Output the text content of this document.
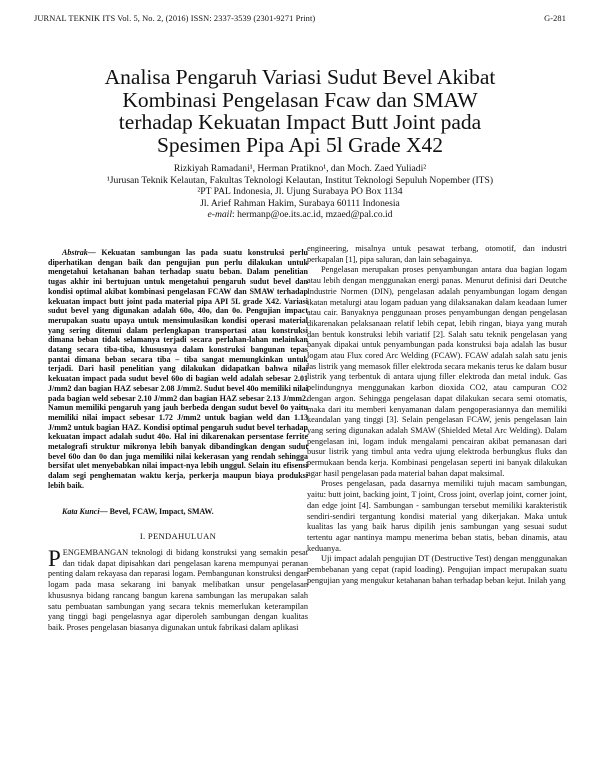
JURNAL TEKNIK ITS Vol. 5, No. 2, (2016) ISSN: 2337-3539 (2301-9271 Print)	G-281
Analisa Pengaruh Variasi Sudut Bevel Akibat
Kombinasi Pengelasan Fcaw dan SMAW
terhadap Kekuatan Impact Butt Joint pada
Spesimen Pipa Api 5l Grade X42
Rizkiyah Ramadani¹, Herman Pratikno¹, dan Moch. Zaed Yuliadi²
¹Jurusan Teknik Kelautan, Fakultas Teknologi Kelautan, Institut Teknologi Sepuluh Nopember (ITS)
²PT PAL Indonesia, Jl. Ujung Surabaya PO Box 1134
Jl. Arief Rahman Hakim, Surabaya 60111 Indonesia
e-mail: hermanp@oe.its.ac.id, mzaed@pal.co.id

Abstrak— Kekuatan sambungan las pada suatu konstruksi perlu diperhatikan dengan baik dan pengujian pun perlu dilakukan untuk mengetahui ketahanan bahan terhadap suatu beban. Dalam penelitian tugas akhir ini bertujuan untuk mengetahui pengaruh sudut bevel dan kondisi optimal akibat kombinasi pengelasan FCAW dan SMAW terhadap kekuatan impact butt joint pada material pipa API 5L grade X42. Variasi sudut bevel yang digunakan adalah 60o, 40o, dan 0o. Pengujian impact merupakan suatu upaya untuk mensimulasikan kondisi operasi material yang sering ditemui dalam perlengkapan transportasi atau konstruksi dimana beban tidak selamanya terjadi secara perlahan-lahan melainkan datang secara tiba-tiba, khususnya dalam konstruksi bangunan tepas pantai dimana beban secara tiba – tiba sangat memungkinkan untuk terjadi. Dari hasil penelitian yang dilakukan didapatkan bahwa nilai kekuatan impact pada sudut bevel 60o di bagian weld adalah sebesar 2.01 J/mm2 dan bagian HAZ sebesar 2.08 J/mm2. Sudut bevel 40o memiliki nilai pada bagian weld sebesar 2.10 J/mm2 dan bagian HAZ sebesar 2.13 J/mm2. Namun memiliki pengaruh yang jauh berbeda dengan sudut bevel 0o yaitu memiliki nilai impact sebesar 1.72 J/mm2 untuk bagian weld dan 1.13 J/mm2 untuk bagian HAZ. Kondisi optimal pengaruh sudut bevel terhadap kekuatan impact adalah sudut 40o. Hal ini dikarenakan persentase ferrite metalografi struktur mikronya lebih banyak dibandingkan dengan sudut bevel 60o dan 0o dan juga memiliki nilai kekerasan yang rendah sehingga bersifat ulet menyebabkan nilai impact-nya lebih unggul. Selain itu efisensi dalam segi penghematan waktu kerja, perkerja maupun biaya produksi lebih baik.

Kata Kunci— Bevel, FCAW, Impact, SMAW.

I. PENDAHULUAN

PENGEMBANGAN teknologi di bidang konstruksi yang semakin pesat dan tidak dapat dipisahkan dari pengelasan karena mempunyai peranan penting dalam rekayasa dan reparasi logam. Pembangunan konstruksi dengan logam pada masa sekarang ini banyak melibatkan unsur pengelasan khususnya bidang rancang bangun karena sambungan las merupakan salah satu pembuatan sambungan yang secara teknis memerlukan keterampilan yang tinggi bagi pengelasnya agar diperoleh sambungan dengan kualitas baik. Proses pengelasan biasanya digunakan untuk fabrikasi dalam aplikasi

engineering, misalnya untuk pesawat terbang, otomotif, dan industri perkapalan [1], pipa saluran, dan lain sebagainya.

Pengelasan merupakan proses penyambungan antara dua bagian logam atau lebih dengan menggunakan energi panas. Menurut definisi dari Deutche Industrie Normen (DIN), pengelasan adalah penyambungan logam dengan ikatan metalurgi atau logam paduan yang dilaksanakan dalam keadaan lumer atau cair. Banyaknya penggunaan proses penyambungan dengan pengelasan dikarenakan pelaksanaan relatif lebih cepat, lebih ringan, biaya yang murah dan bentuk konstruksi lebih variatif [2]. Salah satu teknik pengelasan yang banyak dipakai untuk penyambungan pada konstruksi baja adalah las busur logam atau Flux cored Arc Welding (FCAW). FCAW adalah salah satu jenis las listrik yang memasok filler elektroda secara mekanis terus ke dalam busur listrik yang terbentuk di antara ujung filler elektroda dan metal induk. Gas pelindungnya menggunakan karbon dioxida CO2, atau campuran CO2 dengan argon. Sehingga pengelasan dapat dilakukan secara semi otomatis, maka dari itu memberi kenyamanan dalam pengoperasiannya dan memiliki keandalan yang tinggi [3]. Selain pengelasan FCAW, jenis pengelasan lain yang sering digunakan adalah SMAW (Shielded Metal Arc Welding). Dalam pengelasan ini, logam induk mengalami pencairan akibat pemanasan dari busur listrik yang timbul anta vedra ujung elektroda berbungkus fluks dan permukaan benda kerja. Kombinasi pengelasan seperti ini banyak dilakukan agar hasil pengelasan pada material bahan dapat maksimal.

Proses pengelasan, pada dasarnya memiliki tujuh macam sambungan, yaitu: butt joint, backing joint, T joint, Cross joint, overlap joint, corner joint, dan edge joint [4]. Sambungan - sambungan tersebut memiliki karakteristik sendiri-sendiri tergantung kondisi material yang dikerjakan. Maka untuk kualitas las yang baik harus dipilih jenis sambungan yang sesuai sudut tertentu agar nantinya mampu menerima beban statis, beban dinamis, atau keduanya.

Uji impact adalah pengujian DT (Destructive Test) dengan menggunakan pembebanan yang cepat (rapid loading). Pengujian impact merupakan suatu pengujian yang mengukur ketahanan bahan terhadap beban kejut. Inilah yang
